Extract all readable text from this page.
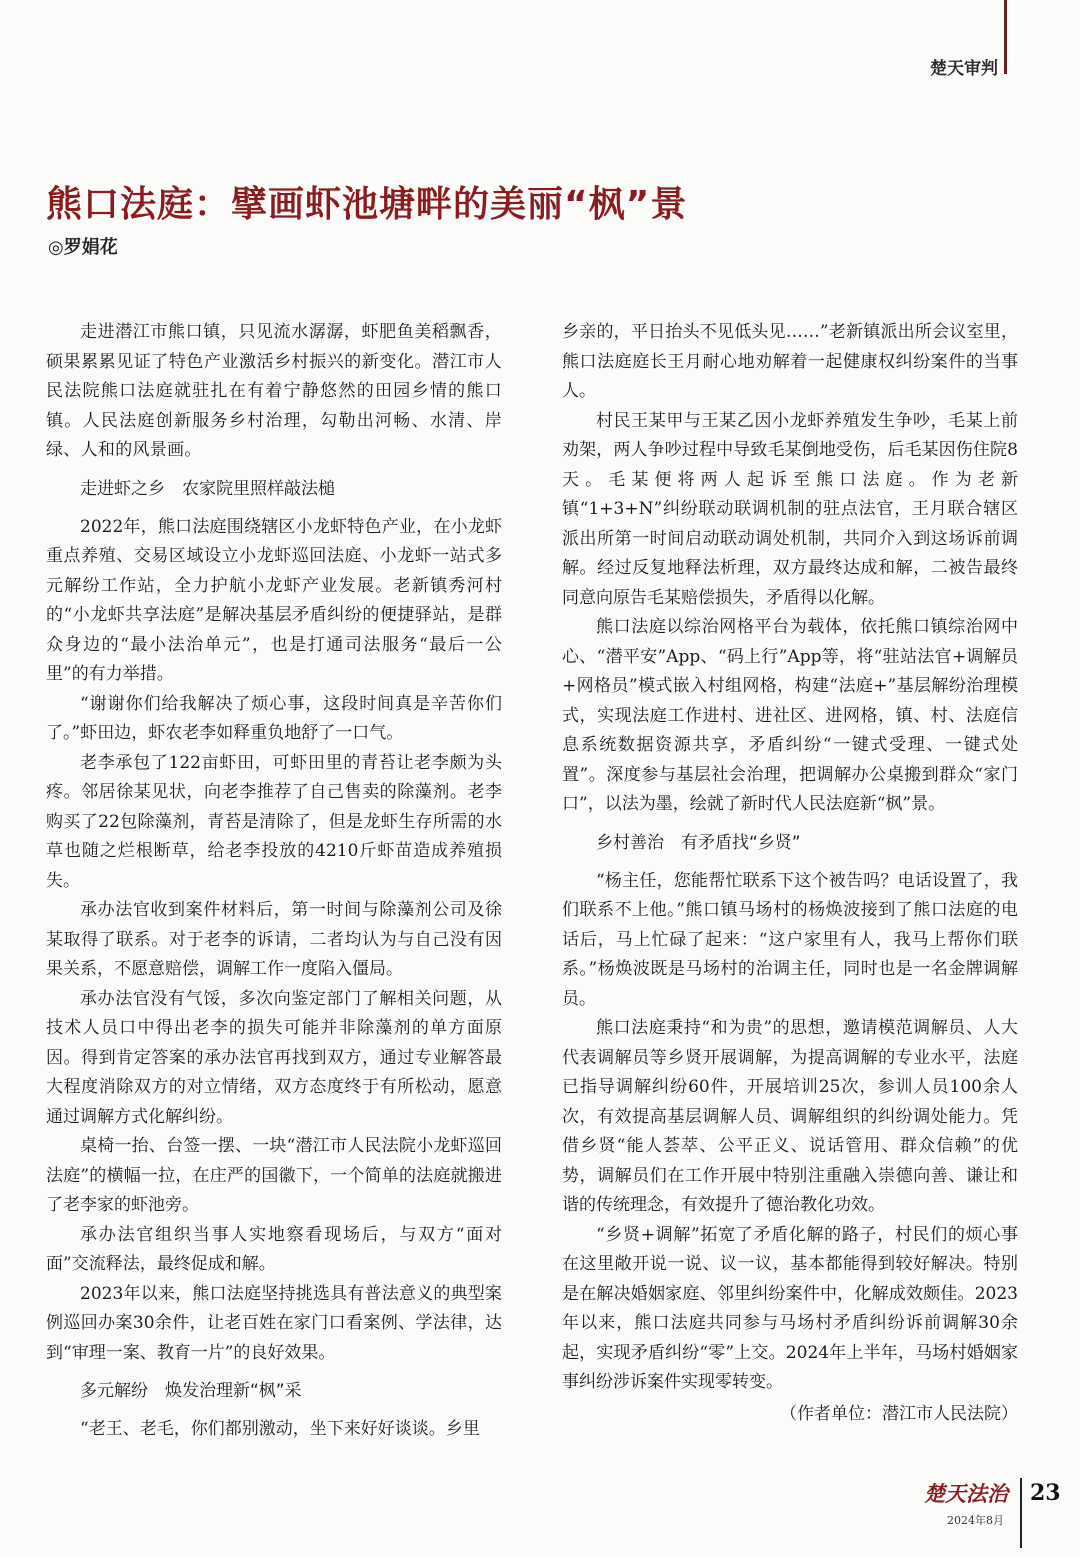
楚天审判
熊口法庭：擘画虾池塘畔的美丽“枫”景
◎罗娟花

走进潜江市熊口镇，只见流水潺潺，虾肥鱼美稻飘香，硕果累累见证了特色产业激活乡村振兴的新变化。潜江市人民法院熊口法庭就驻扎在有着宁静悠然的田园乡情的熊口镇。人民法庭创新服务乡村治理，勾勒出河畅、水清、岸绿、人和的风景画。

走进虾之乡　农家院里照样敲法槌

2022年，熊口法庭围绕辖区小龙虾特色产业，在小龙虾重点养殖、交易区域设立小龙虾巡回法庭、小龙虾一站式多元解纷工作站，全力护航小龙虾产业发展。老新镇秀河村的“小龙虾共享法庭”是解决基层矛盾纠纷的便捷驿站，是群众身边的“最小法治单元”，也是打通司法服务“最后一公里”的有力举措。

“谢谢你们给我解决了烦心事，这段时间真是辛苦你们了。”虾田边，虾农老李如释重负地舒了一口气。

老李承包了122亩虾田，可虾田里的青苔让老李颇为头疼。邻居徐某见状，向老李推荐了自己售卖的除藻剂。老李购买了22包除藻剂，青苔是清除了，但是龙虾生存所需的水草也随之烂根断草，给老李投放的4210斤虾苗造成养殖损失。

承办法官收到案件材料后，第一时间与除藻剂公司及徐某取得了联系。对于老李的诉请，二者均认为与自己没有因果关系，不愿意赔偿，调解工作一度陷入僵局。

承办法官没有气馁，多次向鉴定部门了解相关问题，从技术人员口中得出老李的损失可能并非除藻剂的单方面原因。得到肯定答案的承办法官再找到双方，通过专业解答最大程度消除双方的对立情绪，双方态度终于有所松动，愿意通过调解方式化解纠纷。

桌椅一抬、台签一摆、一块“潜江市人民法院小龙虾巡回法庭”的横幅一拉，在庄严的国徽下，一个简单的法庭就搬进了老李家的虾池旁。

承办法官组织当事人实地察看现场后，与双方“面对面”交流释法，最终促成和解。

2023年以来，熊口法庭坚持挑选具有普法意义的典型案例巡回办案30余件，让老百姓在家门口看案例、学法律，达到“审理一案、教育一片”的良好效果。

多元解纷　焕发治理新“枫”采

“老王、老毛，你们都别激动，坐下来好好谈谈。乡里

乡亲的，平日抬头不见低头见……”老新镇派出所会议室里，熊口法庭庭长王月耐心地劝解着一起健康权纠纷案件的当事人。

村民王某甲与王某乙因小龙虾养殖发生争吵，毛某上前劝架，两人争吵过程中导致毛某倒地受伤，后毛某因伤住院8天。毛某便将两人起诉至熊口法庭。作为老新镇“1+3+N”纠纷联动联调机制的驻点法官，王月联合辖区派出所第一时间启动联动调处机制，共同介入到这场诉前调解。经过反复地释法析理，双方最终达成和解，二被告最终同意向原告毛某赔偿损失，矛盾得以化解。

熊口法庭以综治网格平台为载体，依托熊口镇综治网中心、“潜平安”App、“码上行”App等，将“驻站法官+调解员+网格员”模式嵌入村组网格，构建“法庭+”基层解纷治理模式，实现法庭工作进村、进社区、进网格，镇、村、法庭信息系统数据资源共享，矛盾纠纷“一键式受理、一键式处置”。深度参与基层社会治理，把调解办公桌搬到群众“家门口”，以法为墨，绘就了新时代人民法庭新“枫”景。

乡村善治　有矛盾找“乡贤”

“杨主任，您能帮忙联系下这个被告吗？电话设置了，我们联系不上他。”熊口镇马场村的杨焕波接到了熊口法庭的电话后，马上忙碌了起来：“这户家里有人，我马上帮你们联系。”杨焕波既是马场村的治调主任，同时也是一名金牌调解员。

熊口法庭秉持“和为贵”的思想，邀请模范调解员、人大代表调解员等乡贤开展调解，为提高调解的专业水平，法庭已指导调解纠纷60件，开展培训25次，参训人员100余人次，有效提高基层调解人员、调解组织的纠纷调处能力。凭借乡贤“能人荟萃、公平正义、说话管用、群众信赖”的优势，调解员们在工作开展中特别注重融入崇德向善、谦让和谐的传统理念，有效提升了德治教化功效。

“乡贤+调解”拓宽了矛盾化解的路子，村民们的烦心事在这里敞开说一说、议一议，基本都能得到较好解决。特别是在解决婚姻家庭、邻里纠纷案件中，化解成效颇佳。2023年以来，熊口法庭共同参与马场村矛盾纠纷诉前调解30余起，实现矛盾纠纷“零”上交。2024年上半年，马场村婚姻家事纠纷涉诉案件实现零转变。

（作者单位：潜江市人民法院）

楚天法治
2024年8月
23
